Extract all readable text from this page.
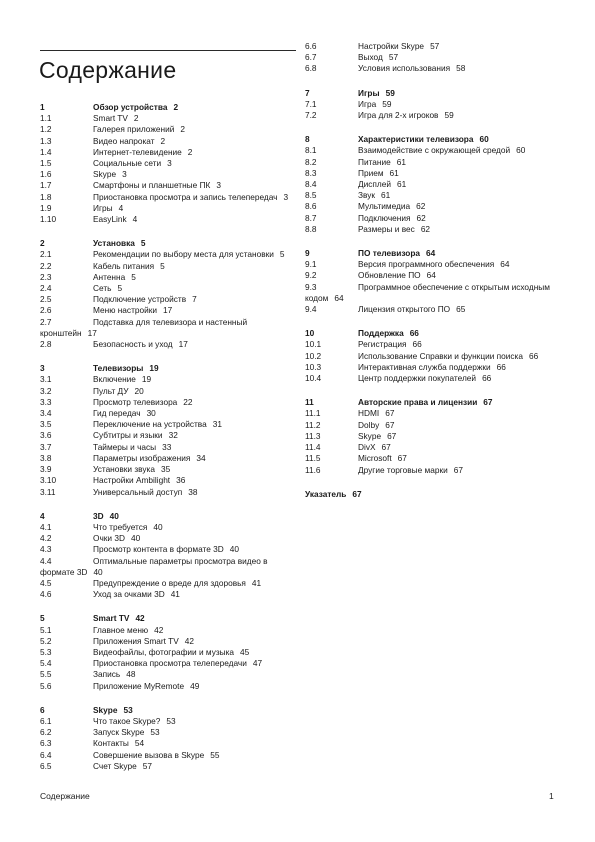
Содержание
1	Обзор устройства 2
1.1	Smart TV 2
1.2	Галерея приложений 2
1.3	Видео напрокат 2
1.4	Интернет-телевидение 2
1.5	Социальные сети 3
1.6	Skype 3
1.7	Смартфоны и планшетные ПК 3
1.8	Приостановка просмотра и запись телепередач 3
1.9	Игры 4
1.10	EasyLink 4
2	Установка 5
2.1	Рекомендации по выбору места для установки 5
2.2	Кабель питания 5
2.3	Антенна 5
2.4	Сеть 5
2.5	Подключение устройств 7
2.6	Меню настройки 17
2.7	Подставка для телевизора и настенный кронштейн 17
2.8	Безопасность и уход 17
3	Телевизоры 19
3.1	Включение 19
3.2	Пульт ДУ 20
3.3	Просмотр телевизора 22
3.4	Гид передач 30
3.5	Переключение на устройства 31
3.6	Субтитры и языки 32
3.7	Таймеры и часы 33
3.8	Параметры изображения 34
3.9	Установки звука 35
3.10	Настройки Ambilight 36
3.11	Универсальный доступ 38
4	3D 40
4.1	Что требуется 40
4.2	Очки 3D 40
4.3	Просмотр контента в формате 3D 40
4.4	Оптимальные параметры просмотра видео в формате 3D 40
4.5	Предупреждение о вреде для здоровья 41
4.6	Уход за очками 3D 41
5	Smart TV 42
5.1	Главное меню 42
5.2	Приложения Smart TV 42
5.3	Видеофайлы, фотографии и музыка 45
5.4	Приостановка просмотра телепередачи 47
5.5	Запись 48
5.6	Приложение MyRemote 49
6	Skype 53
6.1	Что такое Skype? 53
6.2	Запуск Skype 53
6.3	Контакты 54
6.4	Совершение вызова в Skype 55
6.5	Счет Skype 57
6.6	Настройки Skype 57
6.7	Выход 57
6.8	Условия использования 58
7	Игры 59
7.1	Игра 59
7.2	Игра для 2-х игроков 59
8	Характеристики телевизора 60
8.1	Взаимодействие с окружающей средой 60
8.2	Питание 61
8.3	Прием 61
8.4	Дисплей 61
8.5	Звук 61
8.6	Мультимедиа 62
8.7	Подключения 62
8.8	Размеры и вес 62
9	ПО телевизора 64
9.1	Версия программного обеспечения 64
9.2	Обновление ПО 64
9.3	Программное обеспечение с открытым исходным кодом 64
9.4	Лицензия открытого ПО 65
10	Поддержка 66
10.1	Регистрация 66
10.2	Использование Справки и функции поиска 66
10.3	Интерактивная служба поддержки 66
10.4	Центр поддержки покупателей 66
11	Авторские права и лицензии 67
11.1	HDMI 67
11.2	Dolby 67
11.3	Skype 67
11.4	DivX 67
11.5	Microsoft 67
11.6	Другие торговые марки 67
Указатель 67
Содержание	1
